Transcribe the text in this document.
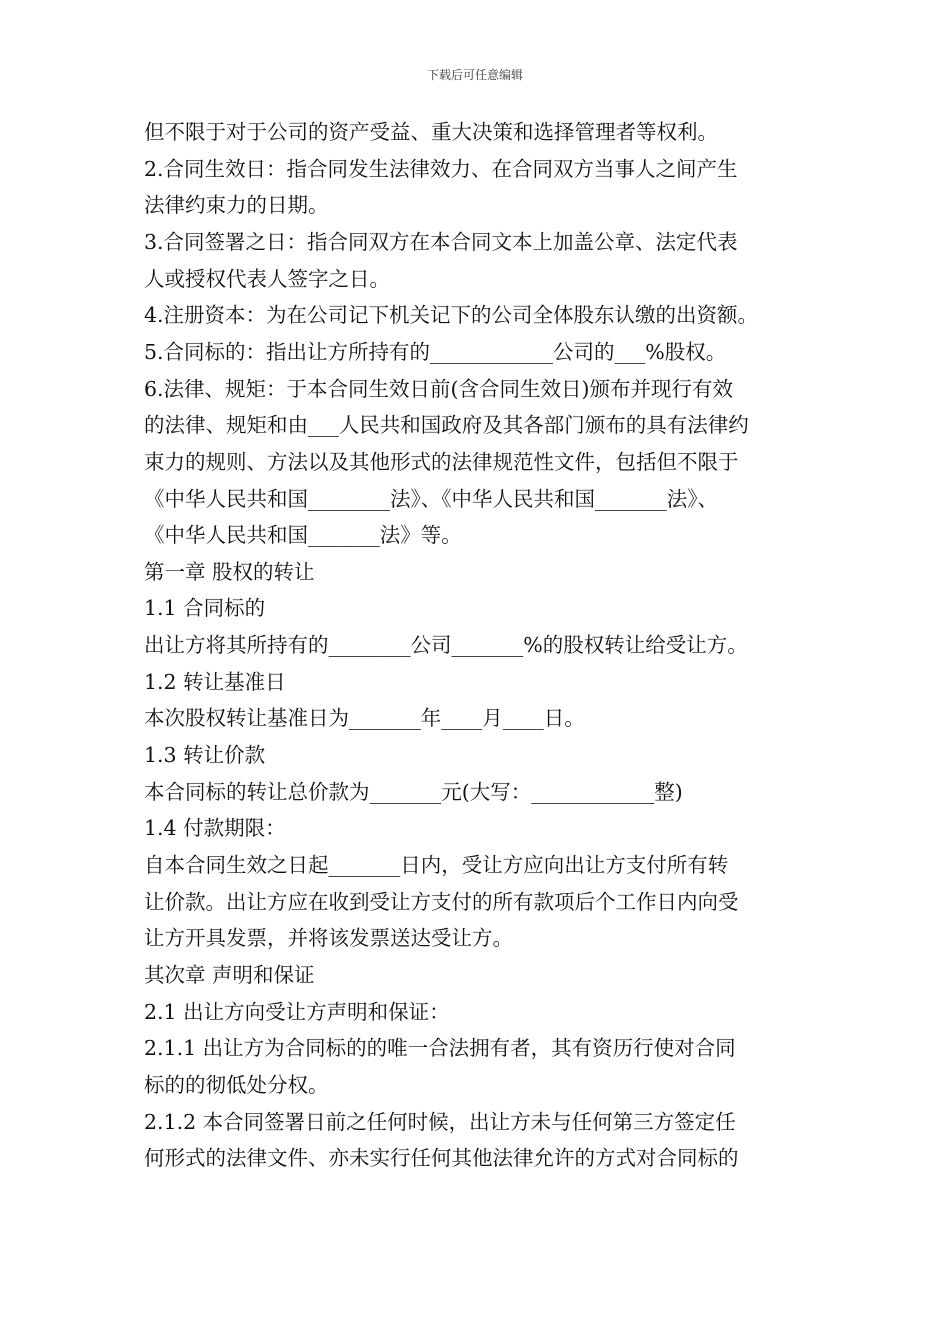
下载后可任意编辑
但不限于对于公司的资产受益、重大决策和选择管理者等权利。
2.合同生效日：指合同发生法律效力、在合同双方当事人之间产生
法律约束力的日期。
3.合同签署之日：指合同双方在本合同文本上加盖公章、法定代表
人或授权代表人签字之日。
4.注册资本：为在公司记下机关记下的公司全体股东认缴的出资额。
5.合同标的：指出让方所持有的____________公司的___%股权。
6.法律、规矩：于本合同生效日前(含合同生效日)颁布并现行有效
的法律、规矩和由___人民共和国政府及其各部门颁布的具有法律约
束力的规则、方法以及其他形式的法律规范性文件，包括但不限于
《中华人民共和国________法》、《中华人民共和国_______法》、
《中华人民共和国_______法》等。
第一章 股权的转让
1.1 合同标的
出让方将其所持有的________公司_______%的股权转让给受让方。
1.2 转让基准日
本次股权转让基准日为_______年____月____日。
1.3 转让价款
本合同标的转让总价款为_______元(大写：____________整)
1.4 付款期限：
自本合同生效之日起_______日内，受让方应向出让方支付所有转
让价款。出让方应在收到受让方支付的所有款项后个工作日内向受
让方开具发票，并将该发票送达受让方。
其次章 声明和保证
2.1 出让方向受让方声明和保证：
2.1.1 出让方为合同标的的唯一合法拥有者，其有资历行使对合同
标的的彻低处分权。
2.1.2 本合同签署日前之任何时候，出让方未与任何第三方签定任
何形式的法律文件、亦未实行任何其他法律允许的方式对合同标的
